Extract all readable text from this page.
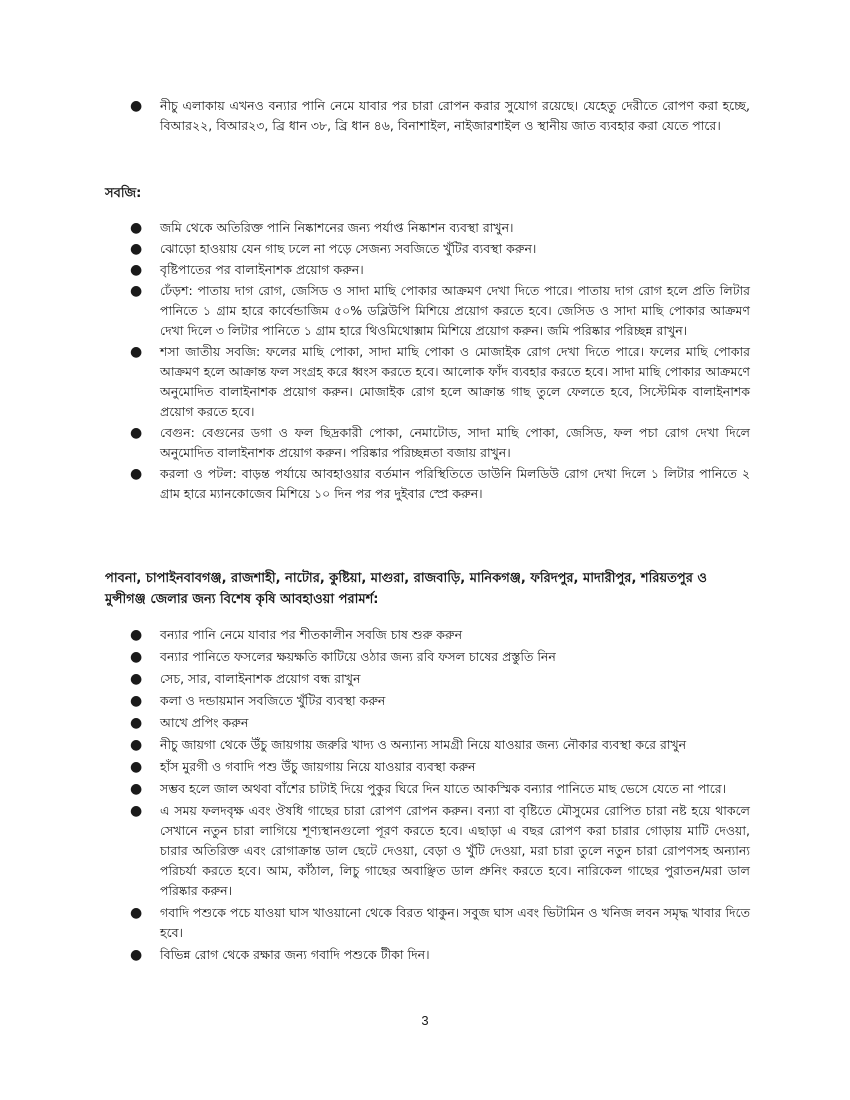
● নীচু এলাকায় এখনও বন্যার পানি নেমে যাবার পর চারা রোপন করার সুযোগ রয়েছে। যেহেতু দেরীতে রোপণ করা হচ্ছে, বিআর২২, বিআর২৩, ব্রি ধান ৩৮, ব্রি ধান ৪৬, বিনাশাইল, নাইজারশাইল ও স্থানীয় জাত ব্যবহার করা যেতে পারে।
সবজি:
● জমি থেকে অতিরিক্ত পানি নিষ্কাশনের জন্য পর্যাপ্ত নিষ্কাশন ব্যবস্থা রাখুন।
● ঝোড়ো হাওয়ায় যেন গাছ ঢলে না পড়ে সেজন্য সবজিতে খুঁটির ব্যবস্থা করুন।
● বৃষ্টিপাতের পর বালাইনাশক প্রয়োগ করুন।
● ঢেঁড়শ: পাতায় দাগ রোগ, জেসিড ও সাদা মাছি পোকার আক্রমণ দেখা দিতে পারে। পাতায় দাগ রোগ হলে প্রতি লিটার পানিতে ১ গ্রাম হারে কার্বেন্ডাজিম ৫০% ডব্লিউপি মিশিয়ে প্রয়োগ করতে হবে। জেসিড ও সাদা মাছি পোকার আক্রমণ দেখা দিলে ৩ লিটার পানিতে ১ গ্রাম হারে থিওমিথোক্সাম মিশিয়ে প্রয়োগ করুন। জমি পরিষ্কার পরিচ্ছন্ন রাখুন।
● শসা জাতীয় সবজি: ফলের মাছি পোকা, সাদা মাছি পোকা ও মোজাইক রোগ দেখা দিতে পারে। ফলের মাছি পোকার আক্রমণ হলে আক্রান্ত ফল সংগ্রহ করে ধ্বংস করতে হবে। আলোক ফাঁদ ব্যবহার করতে হবে। সাদা মাছি পোকার আক্রমণে অনুমোদিত বালাইনাশক প্রয়োগ করুন। মোজাইক রোগ হলে আক্রান্ত গাছ তুলে ফেলতে হবে, সিস্টেমিক বালাইনাশক প্রয়োগ করতে হবে।
● বেগুন: বেগুনের ডগা ও ফল ছিদ্রকারী পোকা, নেমাটোড, সাদা মাছি পোকা, জেসিড, ফল পচা রোগ দেখা দিলে অনুমোদিত বালাইনাশক প্রয়োগ করুন। পরিষ্কার পরিচ্ছন্নতা বজায় রাখুন।
● করলা ও পটল: বাড়ন্ত পর্যায়ে আবহাওয়ার বর্তমান পরিস্থিতিতে ডাউনি মিলডিউ রোগ দেখা দিলে ১ লিটার পানিতে ২ গ্রাম হারে ম্যানকোজেব মিশিয়ে ১০ দিন পর পর দুইবার স্প্রে করুন।
পাবনা, চাপাইনবাবগঞ্জ, রাজশাহী, নাটোর, কুষ্টিয়া, মাগুরা, রাজবাড়ি, মানিকগঞ্জ, ফরিদপুর, মাদারীপুর, শরিয়তপুর ও মুন্সীগঞ্জ জেলার জন্য বিশেষ কৃষি আবহাওয়া পরামর্শ:
● বন্যার পানি নেমে যাবার পর শীতকালীন সবজি চাষ শুরু করুন
● বন্যার পানিতে ফসলের ক্ষয়ক্ষতি কাটিয়ে ওঠার জন্য রবি ফসল চাষের প্রস্তুতি নিন
● সেচ, সার, বালাইনাশক প্রয়োগ বন্ধ রাখুন
● কলা ও দন্ডায়মান সবজিতে খুঁটির ব্যবস্থা করুন
● আখে প্রপিং করুন
● নীচু জায়গা থেকে উঁচু জায়গায় জরুরি খাদ্য ও অন্যান্য সামগ্রী নিয়ে যাওয়ার জন্য নৌকার ব্যবস্থা করে রাখুন
● হাঁস মুরগী ও গবাদি পশু উঁচু জায়গায় নিয়ে যাওয়ার ব্যবস্থা করুন
● সম্ভব হলে জাল অথবা বাঁশের চাটাই দিয়ে পুকুর ঘিরে দিন যাতে আকস্মিক বন্যার পানিতে মাছ ভেসে যেতে না পারে।
● এ সময় ফলদবৃক্ষ এবং ঔষধি গাছের চারা রোপণ রোপন করুন। বন্যা বা বৃষ্টিতে মৌসুমের রোপিত চারা নষ্ট হয়ে থাকলে সেখানে নতুন চারা লাগিয়ে শূণ্যস্থানগুলো পূরণ করতে হবে। এছাড়া এ বছর রোপণ করা চারার গোড়ায় মাটি দেওয়া, চারার অতিরিক্ত এবং রোগাক্রান্ত ডাল ছেটে দেওয়া, বেড়া ও খুঁটি দেওয়া, মরা চারা তুলে নতুন চারা রোপণসহ অন্যান্য পরিচর্যা করতে হবে। আম, কাঁঠাল, লিচু গাছের অবাঞ্ছিত ডাল প্রুনিং করতে হবে। নারিকেল গাছের পুরাতন/মরা ডাল পরিষ্কার করুন।
● গবাদি পশুকে পচে যাওয়া ঘাস খাওয়ানো থেকে বিরত থাকুন। সবুজ ঘাস এবং ভিটামিন ও খনিজ লবন সমৃদ্ধ খাবার দিতে হবে।
● বিভিন্ন রোগ থেকে রক্ষার জন্য গবাদি পশুকে টীকা দিন।
3
